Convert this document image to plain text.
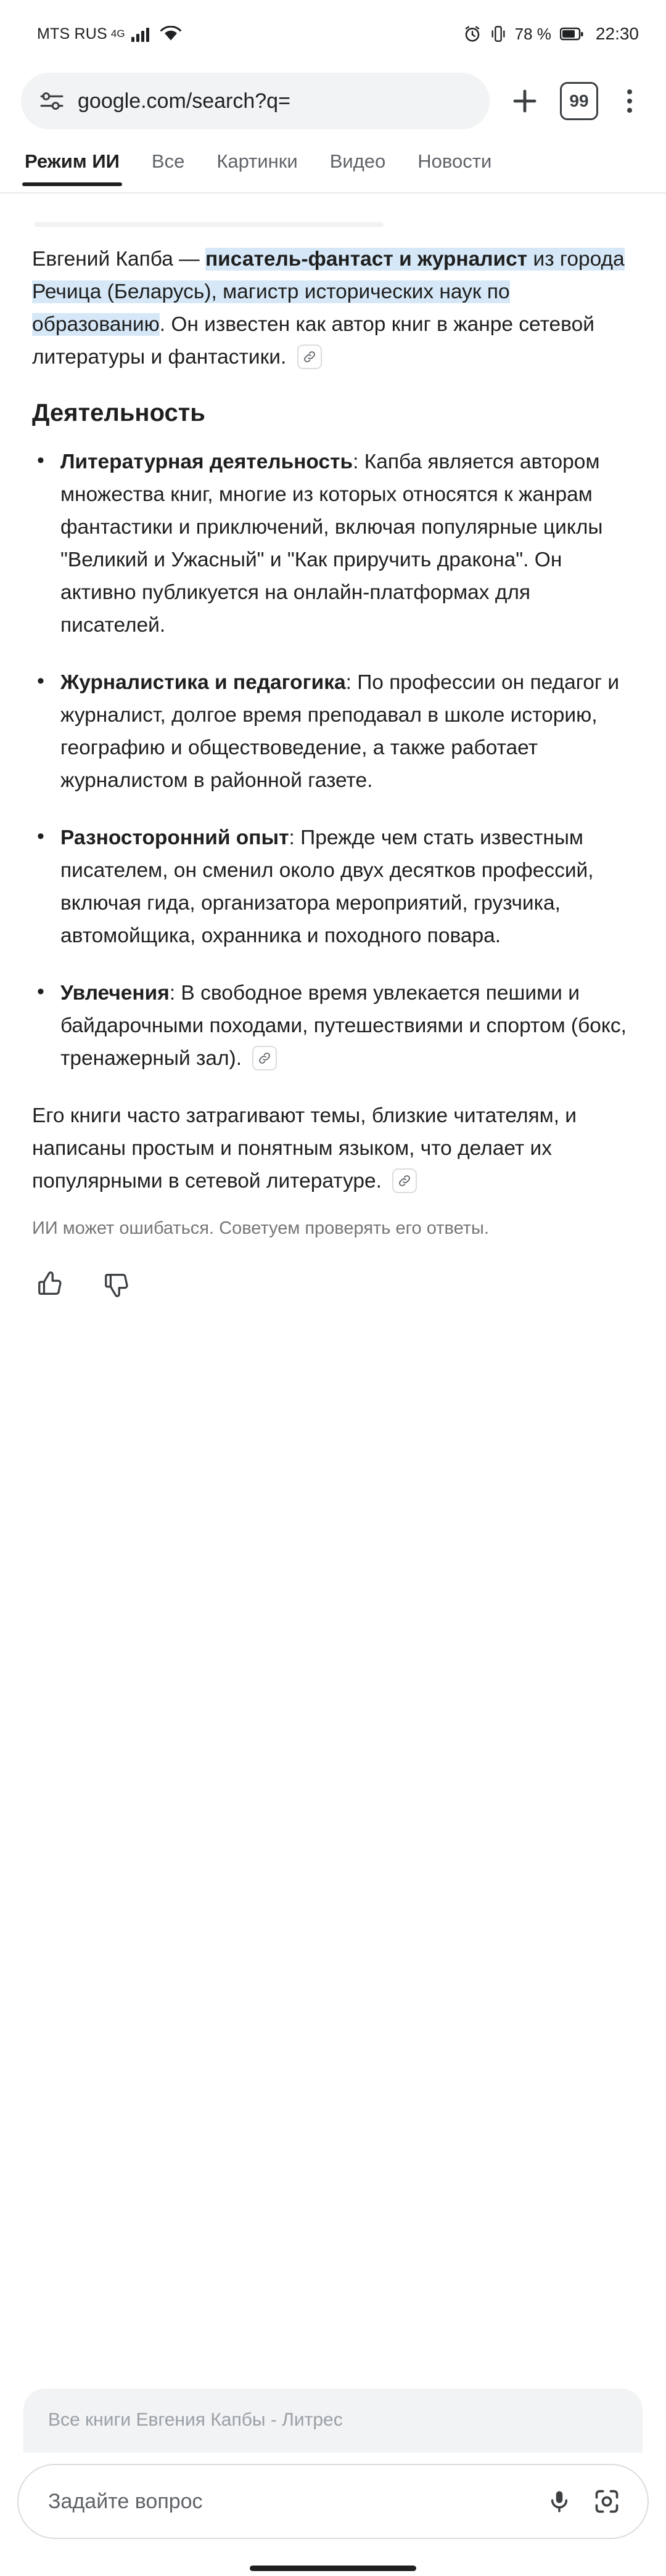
MTS RUS 4G	78 %	22:30
google.com/search?q=	99
Режим ИИ Все Картинки Видео Новости

Евгений Капба — писатель-фантаст и журналист из города Речица (Беларусь), магистр исторических наук по образованию. Он известен как автор книг в жанре сетевой литературы и фантастики.

Деятельность
• Литературная деятельность: Капба является автором множества книг, многие из которых относятся к жанрам фантастики и приключений, включая популярные циклы "Великий и Ужасный" и "Как приручить дракона". Он активно публикуется на онлайн-платформах для писателей.
• Журналистика и педагогика: По профессии он педагог и журналист, долгое время преподавал в школе историю, географию и обществоведение, а также работает журналистом в районной газете.
• Разносторонний опыт: Прежде чем стать известным писателем, он сменил около двух десятков профессий, включая гида, организатора мероприятий, грузчика, автомойщика, охранника и походного повара.
• Увлечения: В свободное время увлекается пешими и байдарочными походами, путешествиями и спортом (бокс, тренажерный зал).

Его книги часто затрагивают темы, близкие читателям, и написаны простым и понятным языком, что делает их популярными в сетевой литературе.

ИИ может ошибаться. Советуем проверять его ответы.

Все книги Евгения Капбы - Литрес
Задайте вопрос
